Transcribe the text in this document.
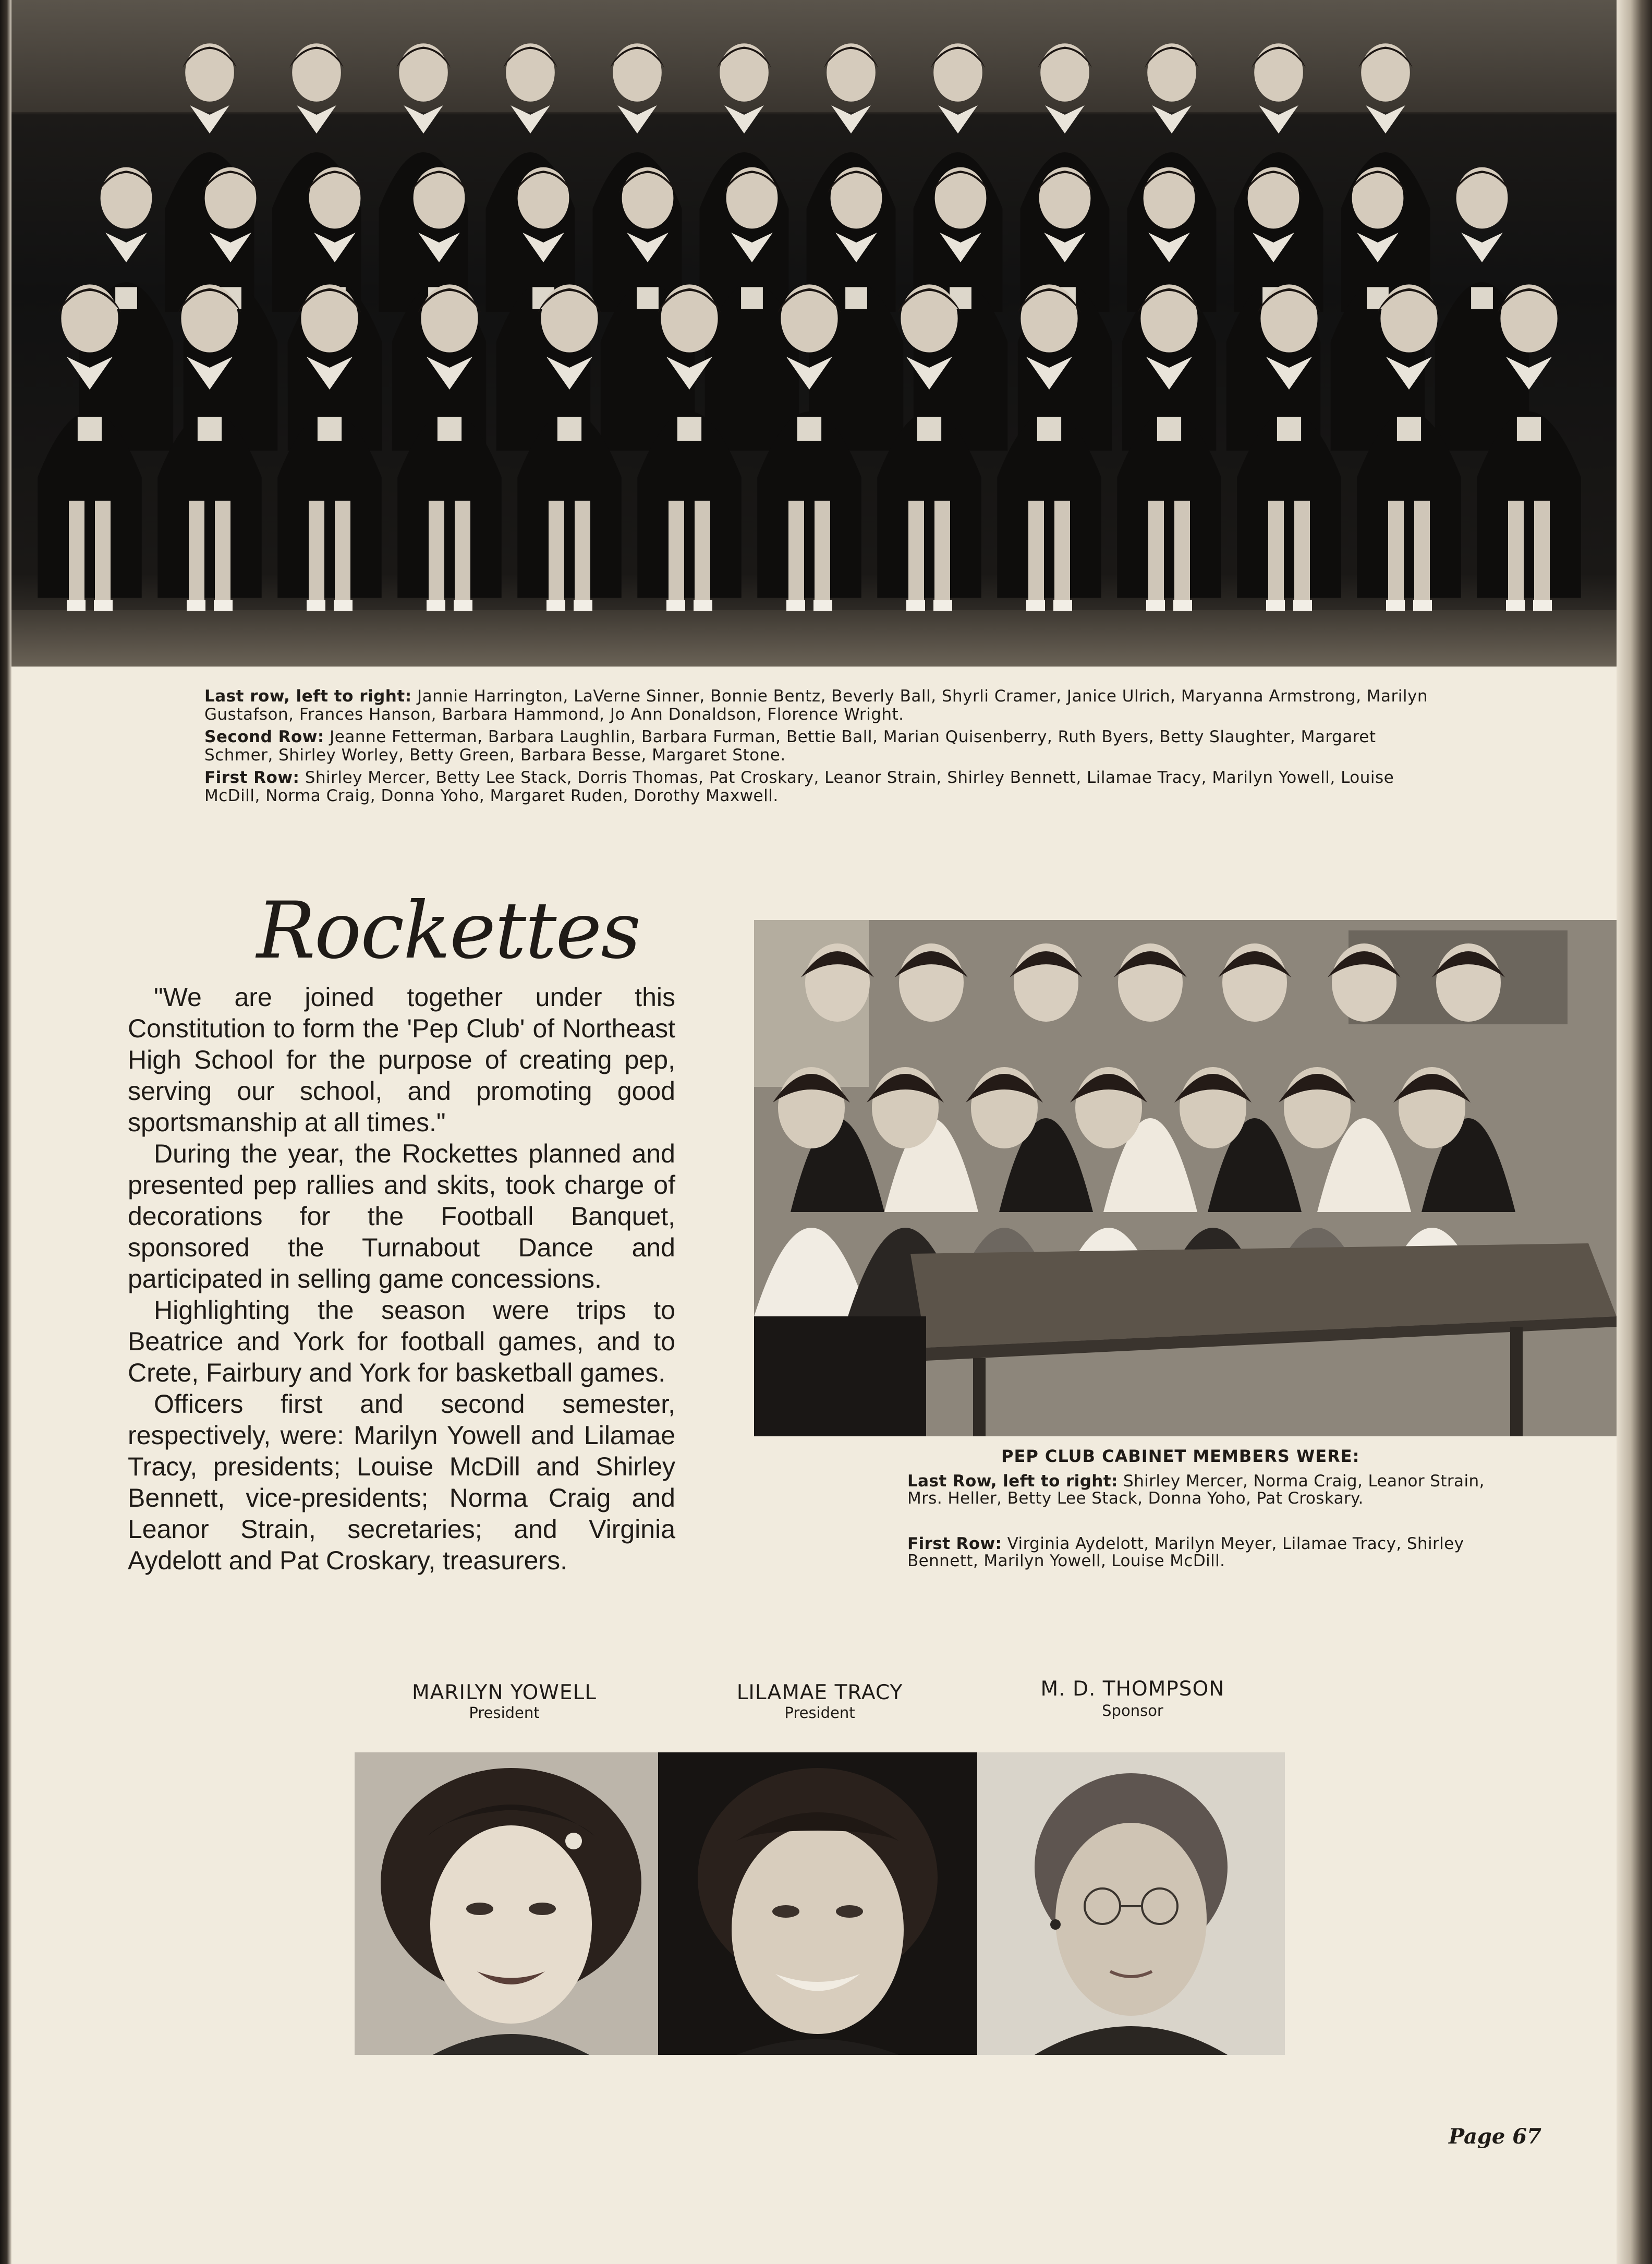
Last row, left to right: Jannie Harrington, LaVerne Sinner, Bonnie Bentz, Beverly Ball, Shyrli Cramer, Janice Ulrich, Maryanna Armstrong, Marilyn Gustafson, Frances Hanson, Barbara Hammond, Jo Ann Donaldson, Florence Wright.

Second Row: Jeanne Fetterman, Barbara Laughlin, Barbara Furman, Bettie Ball, Marian Quisenberry, Ruth Byers, Betty Slaughter, Margaret Schmer, Shirley Worley, Betty Green, Barbara Besse, Margaret Stone.

First Row: Shirley Mercer, Betty Lee Stack, Dorris Thomas, Pat Croskary, Leanor Strain, Shirley Bennett, Lilamae Tracy, Marilyn Yowell, Louise McDill, Norma Craig, Donna Yoho, Margaret Ruden, Dorothy Maxwell.

Rockettes

"We are joined together under this Constitution to form the 'Pep Club' of Northeast High School for the purpose of creating pep, serving our school, and promoting good sportsmanship at all times."

During the year, the Rockettes planned and presented pep rallies and skits, took charge of decorations for the Football Banquet, sponsored the Turnabout Dance and participated in selling game concessions.

Highlighting the season were trips to Beatrice and York for football games, and to Crete, Fairbury and York for basketball games.

Officers first and second semester, respectively, were: Marilyn Yowell and Lilamae Tracy, presidents; Louise McDill and Shirley Bennett, vice-presidents; Norma Craig and Leanor Strain, secretaries; and Virginia Aydelott and Pat Croskary, treasurers.

PEP CLUB CABINET MEMBERS WERE:

Last Row, left to right: Shirley Mercer, Norma Craig, Leanor Strain, Mrs. Heller, Betty Lee Stack, Donna Yoho, Pat Croskary.

First Row: Virginia Aydelott, Marilyn Meyer, Lilamae Tracy, Shirley Bennett, Marilyn Yowell, Louise McDill.

MARILYN YOWELL

President

LILAMAE TRACY

President

M. D. THOMPSON

Sponsor

Page 67
